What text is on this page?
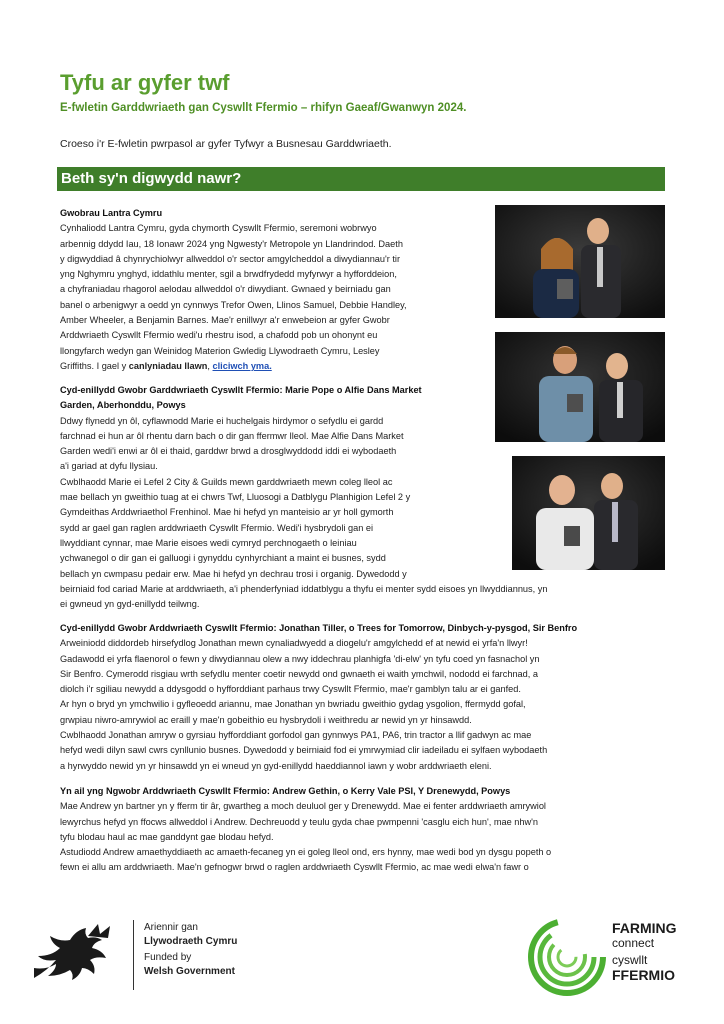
Tyfu ar gyfer twf
E-fwletin Garddwriaeth gan Cyswllt Ffermio – rhifyn Gaeaf/Gwanwyn 2024.
Croeso i'r E-fwletin pwrpasol ar gyfer Tyfwyr a Busnesau Garddwriaeth.
Beth sy'n digwydd nawr?
Gwobrau Lantra Cymru
Cynhaliodd Lantra Cymru, gyda chymorth Cyswllt Ffermio, seremoni wobrwyo
arbennig ddydd Iau, 18 Ionawr 2024 yng Ngwesty'r Metropole yn Llandrindod. Daeth
y digwyddiad â chynrychiolwyr allweddol o'r sector amgylcheddol a diwydiannau'r tir
yng Nghymru ynghyd, iddathlu menter, sgil a brwdfrydedd myfyrwyr a hyfforddeion,
a chyfraniadau rhagorol aelodau allweddol o'r diwydiant. Gwnaed y beirniadu gan
banel o arbenigwyr a oedd yn cynnwys Trefor Owen, Llinos Samuel, Debbie Handley,
Amber Wheeler, a Benjamin Barnes. Mae'r enillwyr a'r enwebeion ar gyfer Gwobr
Arddwriaeth Cyswllt Ffermio wedi'u rhestru isod, a chafodd pob un ohonynt eu
llongyfarch wedyn gan Weinidog Materion Gwledig Llywodraeth Cymru, Lesley
Griffiths. I gael y canlyniadau llawn, cliciwch yma.
Cyd-enillydd Gwobr Garddwriaeth Cyswllt Ffermio: Marie Pope o Alfie Dans Market
Garden, Aberhonddu, Powys
Ddwy flynedd yn ôl, cyflawnodd Marie ei huchelgais hirdymor o sefydlu ei gardd
farchnad ei hun ar ôl rhentu darn bach o dir gan ffermwr lleol. Mae Alfie Dans Market
Garden wedi'i enwi ar ôl ei thaid, garddwr brwd a drosglwyddodd iddi ei wybodaeth
a'i gariad at dyfu llysiau.
Cwblhaodd Marie ei Lefel 2 City & Guilds mewn garddwriaeth mewn coleg lleol ac
mae bellach yn gweithio tuag at ei chwrs Twf, Lluosogi a Datblygu Planhigion Lefel 2 y
Gymdeithas Arddwriaethol Frenhinol. Mae hi hefyd yn manteisio ar yr holl gymorth
sydd ar gael gan raglen arddwriaeth Cyswllt Ffermio. Wedi'i hysbrydoli gan ei
llwyddiant cynnar, mae Marie eisoes wedi cymryd perchnogaeth o leiniau
ychwanegol o dir gan ei galluogi i gynyddu cynhyrchiant a maint ei busnes, sydd
bellach yn cwmpasu pedair erw. Mae hi hefyd yn dechrau trosi i organig. Dywedodd y
beirniaid fod cariad Marie at arddwriaeth, a'i phenderfyniad iddatblygu a thyfu ei menter sydd eisoes yn llwyddiannus, yn
ei gwneud yn gyd-enillydd teilwng.
Cyd-enillydd Gwobr Arddwriaeth Cyswllt Ffermio: Jonathan Tiller, o Trees for Tomorrow, Dinbych-y-pysgod, Sir Benfro
Arweiniodd diddordeb hirsefydlog Jonathan mewn cynaliadwyedd a diogelu'r amgylchedd ef at newid ei yrfa'n llwyr!
Gadawodd ei yrfa flaenorol o fewn y diwydiannau olew a nwy iddechrau planhigfa 'di-elw' yn tyfu coed yn fasnachol yn
Sir Benfro. Cymerodd risgiau wrth sefydlu menter coetir newydd ond gwnaeth ei waith ymchwil, nododd ei farchnad, a
diolch i'r sgiliau newydd a ddysgodd o hyfforddiant parhaus trwy Cyswllt Ffermio, mae'r gamblyn talu ar ei ganfed.
Ar hyn o bryd yn ymchwilio i gyfleoedd ariannu, mae Jonathan yn bwriadu gweithio gydag ysgolion, ffermydd gofal,
grwpiau niwro-amrywiol ac eraill y mae'n gobeithio eu hysbrydoli i weithredu ar newid yn yr hinsawdd.
Cwblhaodd Jonathan amryw o gyrsiau hyfforddiant gorfodol gan gynnwys PA1, PA6, trin tractor a llif gadwyn ac mae
hefyd wedi dilyn sawl cwrs cynllunio busnes. Dywedodd y beirniaid fod ei ymrwymiad clir iadeiladu ei sylfaen wybodaeth
a hyrwyddo newid yn yr hinsawdd yn ei wneud yn gyd-enillydd haeddiannol iawn y wobr arddwriaeth eleni.
Yn ail yng Ngwobr Arddwriaeth Cyswllt Ffermio: Andrew Gethin, o Kerry Vale PSI, Y Drenewydd, Powys
Mae Andrew yn bartner yn y fferm tir âr, gwartheg a moch deuluol ger y Drenewydd. Mae ei fenter arddwriaeth amrywiol
lewyrchus hefyd yn ffocws allweddol i Andrew. Dechreuodd y teulu gyda chae pwmpenni 'casglu eich hun', mae nhw'n
tyfu blodau haul ac mae ganddynt gae blodau hefyd.
Astudiodd Andrew amaethyddiaeth ac amaeth-fecaneg yn ei goleg lleol ond, ers hynny, mae wedi bod yn dysgu popeth o
fewn ei allu am arddwriaeth. Mae'n gefnogwr brwd o raglen arddwriaeth Cyswllt Ffermio, ac mae wedi elwa'n fawr o
Ariennir gan
Llywodraeth Cymru
Funded by
Welsh Government
FARMING
connect
cyswllt
FFERMIO
